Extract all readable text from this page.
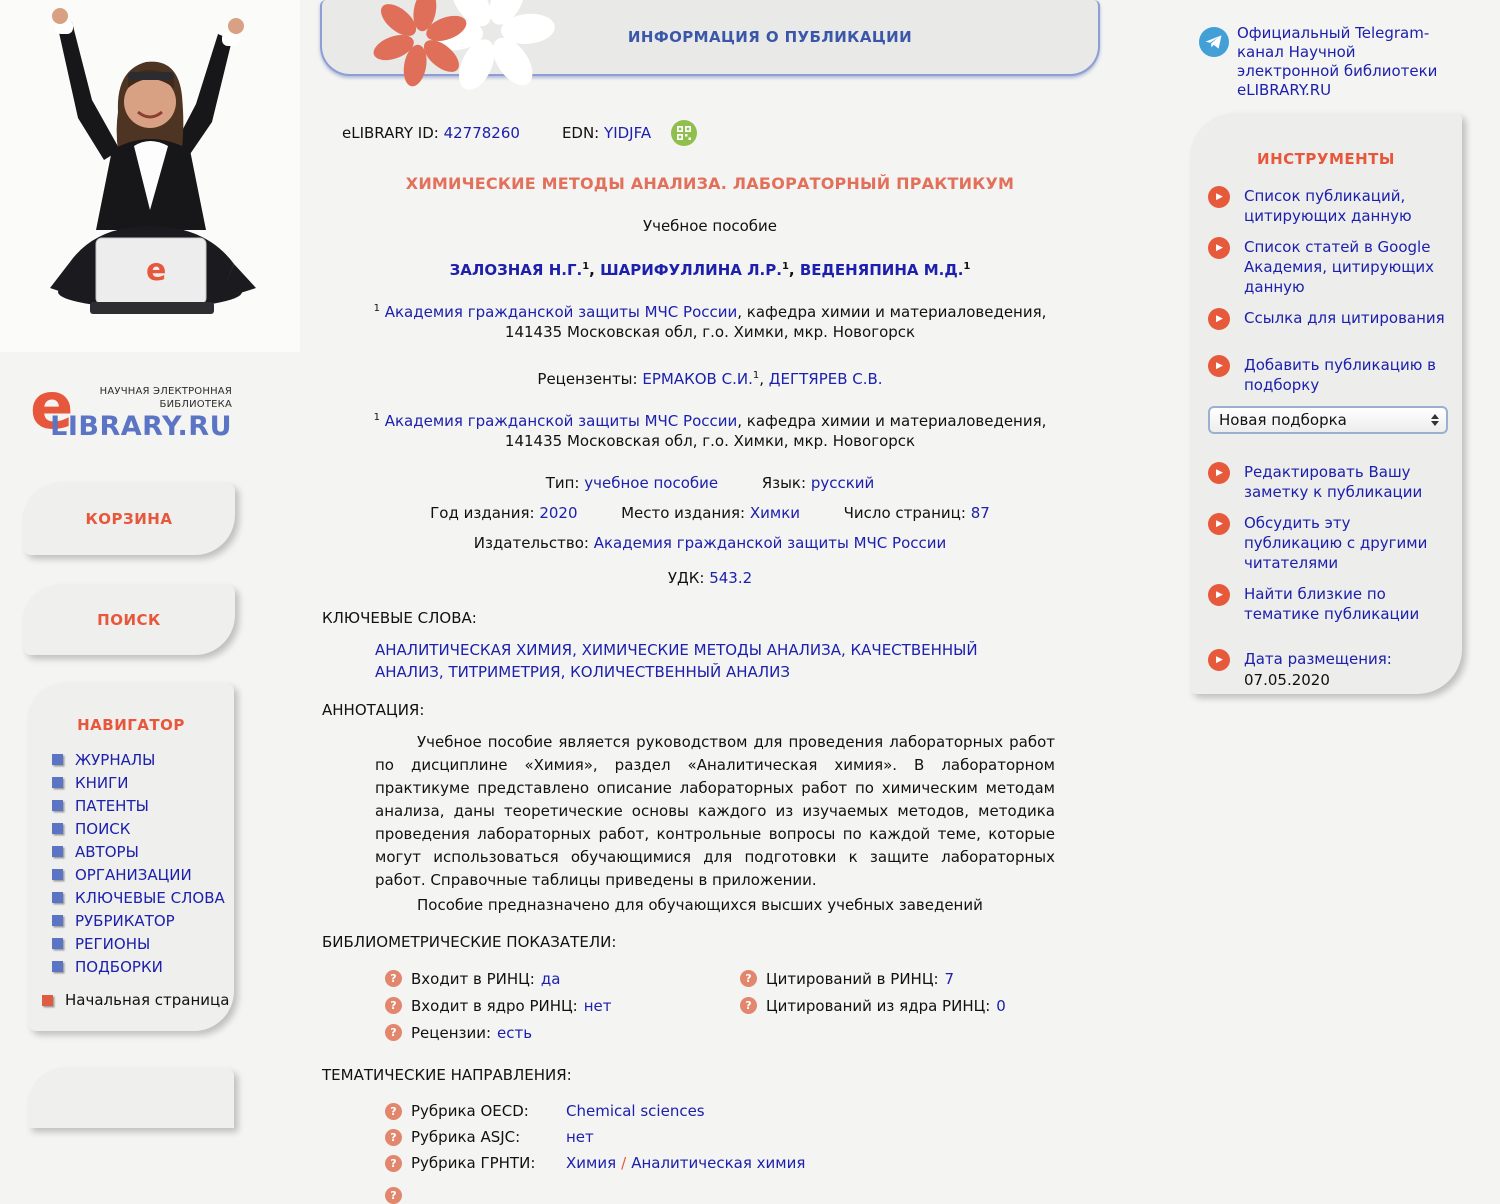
e
e	НАУЧНАЯ ЭЛЕКТРОННАЯ
БИБЛИОТЕКА
LIBRARY.RU
КОРЗИНА
ПОИСК
НАВИГАТОР
ЖУРНАЛЫ
КНИГИ
ПАТЕНТЫ
ПОИСК
АВТОРЫ
ОРГАНИЗАЦИИ
КЛЮЧЕВЫЕ СЛОВА
РУБРИКАТОР
РЕГИОНЫ
ПОДБОРКИ
Начальная страница
ИНФОРМАЦИЯ О ПУБЛИКАЦИИ
eLIBRARY ID: 42778260	EDN: YIDJFA
ХИМИЧЕСКИЕ МЕТОДЫ АНАЛИЗА. ЛАБОРАТОРНЫЙ ПРАКТИКУМ
Учебное пособие
ЗАЛОЗНАЯ Н.Г.$^1$, ШАРИФУЛЛИНА Л.Р.$^1$, ВЕДЕНЯПИНА М.Д.$^1$
$^1$ Академия гражданской защиты МЧС России, кафедра химии и материаловедения, 141435 Московская обл, г.о. Химки, мкр. Новогорск
Рецензенты: ЕРМАКОВ С.И.$^1$, ДЕГТЯРЕВ С.В.
$^1$ Академия гражданской защиты МЧС России, кафедра химии и материаловедения, 141435 Московская обл, г.о. Химки, мкр. Новогорск
Тип: учебное пособие	Язык: русский
Год издания: 2020	Место издания: Химки	Число страниц: 87
Издательство: Академия гражданской защиты МЧС России
УДК: 543.2
КЛЮЧЕВЫЕ СЛОВА:
АНАЛИТИЧЕСКАЯ ХИМИЯ, ХИМИЧЕСКИЕ МЕТОДЫ АНАЛИЗА, КАЧЕСТВЕННЫЙ АНАЛИЗ, ТИТРИМЕТРИЯ, КОЛИЧЕСТВЕННЫЙ АНАЛИЗ
АННОТАЦИЯ:

Учебное пособие является руководством для проведения лабораторных работ по дисциплине «Химия», раздел «Аналитическая химия». В лабораторном практикуме представлено описание лабораторных работ по химическим методам анализа, даны теоретические основы каждого из изучаемых методов, методика проведения лабораторных работ, контрольные вопросы по каждой теме, которые могут использоваться обучающимися для подготовки к защите лабораторных работ. Справочные таблицы приведены в приложении.

Пособие предназначено для обучающихся высших учебных заведений

БИБЛИОМЕТРИЧЕСКИЕ ПОКАЗАТЕЛИ:
? Входит в РИНЦ: да
? Входит в ядро РИНЦ: нет
? Рецензии: есть
? Цитирований в РИНЦ: 7
? Цитирований из ядра РИНЦ: 0
ТЕМАТИЧЕСКИЕ НАПРАВЛЕНИЯ:
? Рубрика OECD:	Chemical sciences
? Рубрика ASJC:	нет
? Рубрика ГРНТИ:	Химия / Аналитическая химия
?
Официальный Telegram-канал Научной электронной библиотеки eLIBRARY.RU
ИНСТРУМЕНТЫ
▶	Список публикаций, цитирующих данную
▶	Список статей в Google Академия, цитирующих данную
▶	Ссылка для цитирования
▶	Добавить публикацию в подборку
Новая подборка
▶	Редактировать Вашу заметку к публикации
▶	Обсудить эту публикацию с другими читателями
▶	Найти близкие по тематике публикации
▶	Дата размещения:
07.05.2020
